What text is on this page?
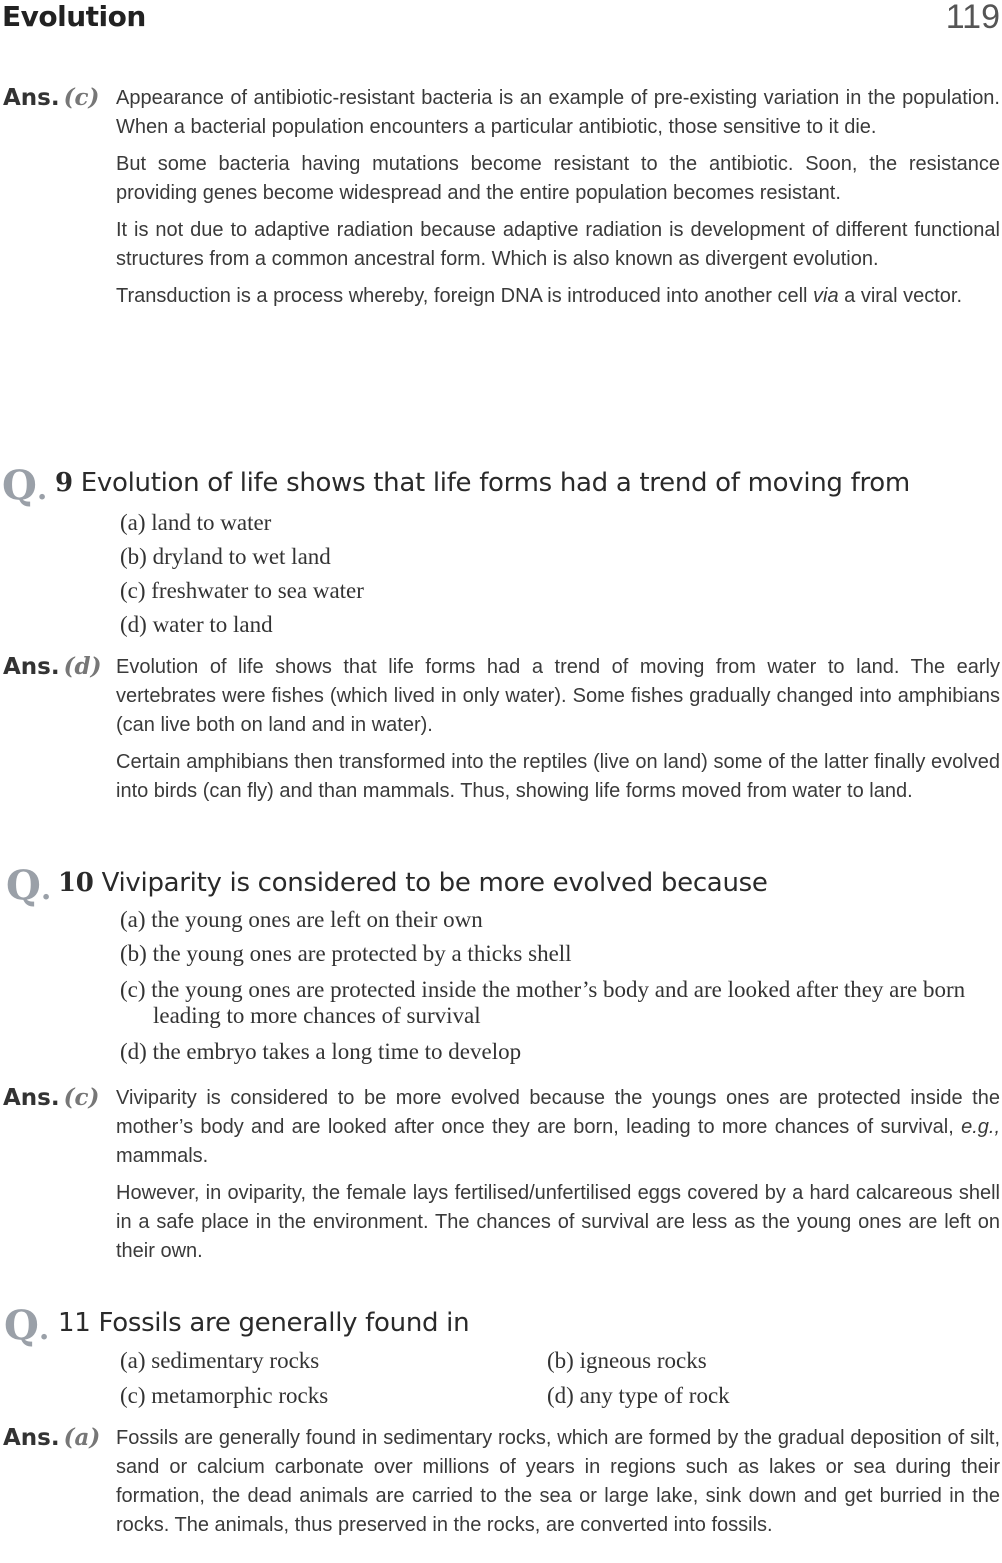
Evolution	119
Ans. (c) Appearance of antibiotic-resistant bacteria is an example of pre-existing variation in the population. When a bacterial population encounters a particular antibiotic, those sensitive to it die.

But some bacteria having mutations become resistant to the antibiotic. Soon, the resistance providing genes become widespread and the entire population becomes resistant.

It is not due to adaptive radiation because adaptive radiation is development of different functional structures from a common ancestral form. Which is also known as divergent evolution.

Transduction is a process whereby, foreign DNA is introduced into another cell via a viral vector.

Q. 9 Evolution of life shows that life forms had a trend of moving from
(a) land to water
(b) dryland to wet land
(c) freshwater to sea water
(d) water to land
Ans. (d) Evolution of life shows that life forms had a trend of moving from water to land. The early vertebrates were fishes (which lived in only water). Some fishes gradually changed into amphibians (can live both on land and in water).

Certain amphibians then transformed into the reptiles (live on land) some of the latter finally evolved into birds (can fly) and than mammals. Thus, showing life forms moved from water to land.

Q. 10 Viviparity is considered to be more evolved because
(a) the young ones are left on their own
(b) the young ones are protected by a thicks shell
(c) the young ones are protected inside the mother’s body and are looked after they are born leading to more chances of survival
(d) the embryo takes a long time to develop
Ans. (c) Viviparity is considered to be more evolved because the youngs ones are protected inside the mother’s body and are looked after once they are born, leading to more chances of survival, e.g., mammals.

However, in oviparity, the female lays fertilised/unfertilised eggs covered by a hard calcareous shell in a safe place in the environment. The chances of survival are less as the young ones are left on their own.

Q. 11 Fossils are generally found in
(a) sedimentary rocks	(b) igneous rocks
(c) metamorphic rocks	(d) any type of rock
Ans. (a) Fossils are generally found in sedimentary rocks, which are formed by the gradual deposition of silt, sand or calcium carbonate over millions of years in regions such as lakes or sea during their formation, the dead animals are carried to the sea or large lake, sink down and get burried in the rocks. The animals, thus preserved in the rocks, are converted into fossils.
